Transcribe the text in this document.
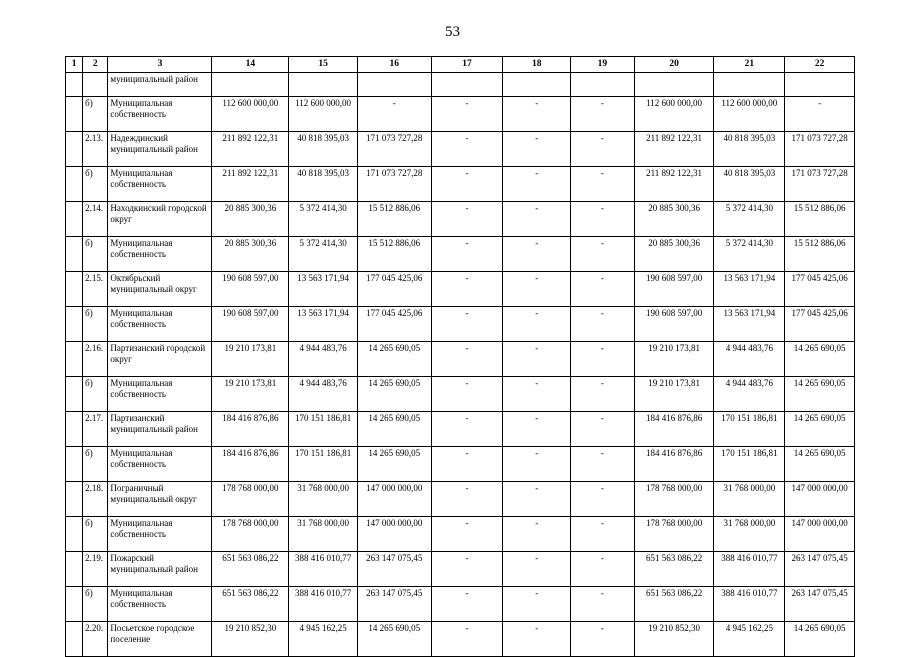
53
1	2	3	14	15	16	17	18	19	20	21	22
		муниципальный район									
	б)	Муниципальная собственность	112 600 000,00	112 600 000,00	-	-	-	-	112 600 000,00	112 600 000,00	-
	2.13.	Надеждинский муниципальный район	211 892 122,31	40 818 395,03	171 073 727,28	-	-	-	211 892 122,31	40 818 395,03	171 073 727,28
	б)	Муниципальная собственность	211 892 122,31	40 818 395,03	171 073 727,28	-	-	-	211 892 122,31	40 818 395,03	171 073 727,28
	2.14.	Находкинский городской округ	20 885 300,36	5 372 414,30	15 512 886,06	-	-	-	20 885 300,36	5 372 414,30	15 512 886,06
	б)	Муниципальная собственность	20 885 300,36	5 372 414,30	15 512 886,06	-	-	-	20 885 300,36	5 372 414,30	15 512 886,06
	2.15.	Октябрьский муниципальный округ	190 608 597,00	13 563 171,94	177 045 425,06	-	-	-	190 608 597,00	13 563 171,94	177 045 425,06
	б)	Муниципальная собственность	190 608 597,00	13 563 171,94	177 045 425,06	-	-	-	190 608 597,00	13 563 171,94	177 045 425,06
	2.16.	Партизанский городской округ	19 210 173,81	4 944 483,76	14 265 690,05	-	-	-	19 210 173,81	4 944 483,76	14 265 690,05
	б)	Муниципальная собственность	19 210 173,81	4 944 483,76	14 265 690,05	-	-	-	19 210 173,81	4 944 483,76	14 265 690,05
	2.17.	Партизанский муниципальный район	184 416 876,86	170 151 186,81	14 265 690,05	-	-	-	184 416 876,86	170 151 186,81	14 265 690,05
	б)	Муниципальная собственность	184 416 876,86	170 151 186,81	14 265 690,05	-	-	-	184 416 876,86	170 151 186,81	14 265 690,05
	2.18.	Пограничный муниципальный округ	178 768 000,00	31 768 000,00	147 000 000,00	-	-	-	178 768 000,00	31 768 000,00	147 000 000,00
	б)	Муниципальная собственность	178 768 000,00	31 768 000,00	147 000 000,00	-	-	-	178 768 000,00	31 768 000,00	147 000 000,00
	2.19.	Пожарский муниципальный район	651 563 086,22	388 416 010,77	263 147 075,45	-	-	-	651 563 086,22	388 416 010,77	263 147 075,45
	б)	Муниципальная собственность	651 563 086,22	388 416 010,77	263 147 075,45	-	-	-	651 563 086,22	388 416 010,77	263 147 075,45
	2.20.	Посьетское городское поселение	19 210 852,30	4 945 162,25	14 265 690,05	-	-	-	19 210 852,30	4 945 162,25	14 265 690,05
